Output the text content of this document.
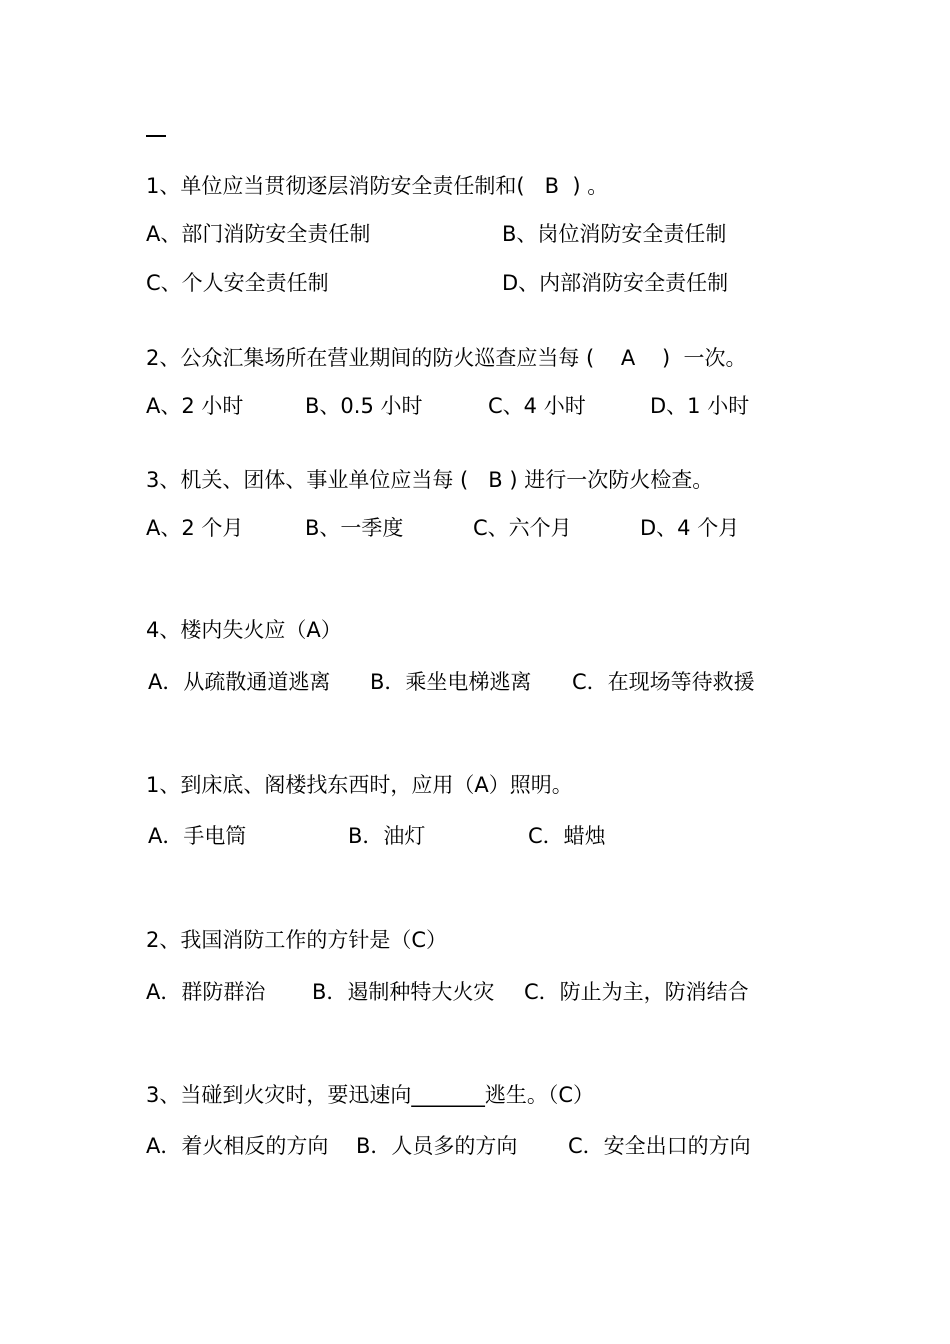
1、单位应当贯彻逐层消防安全责任制和(   B  ) 。
A、部门消防安全责任制	B、岗位消防安全责任制
C、个人安全责任制	D、内部消防安全责任制
2、公众汇集场所在营业期间的防火巡查应当每 (    A    )  一次。
A、2 小时	B、0.5 小时	C、4 小时	D、1 小时
3、机关、团体、事业单位应当每 (   B ) 进行一次防火检查。
A、2 个月	B、一季度	C、六个月	D、4 个月
4、楼内失火应（A）
A．从疏散通道逃离 B．乘坐电梯逃离 C．在现场等待救援
1、到床底、阁楼找东西时，应用（A）照明。
A．手电筒	B．油灯	C．蜡烛
2、我国消防工作的方针是（C）
A．群防群治 B．遏制种特大火灾 C．防止为主，防消结合
3、当碰到火灾时，要迅速向_______逃生。（C）
A．着火相反的方向 B．人员多的方向 C．安全出口的方向
